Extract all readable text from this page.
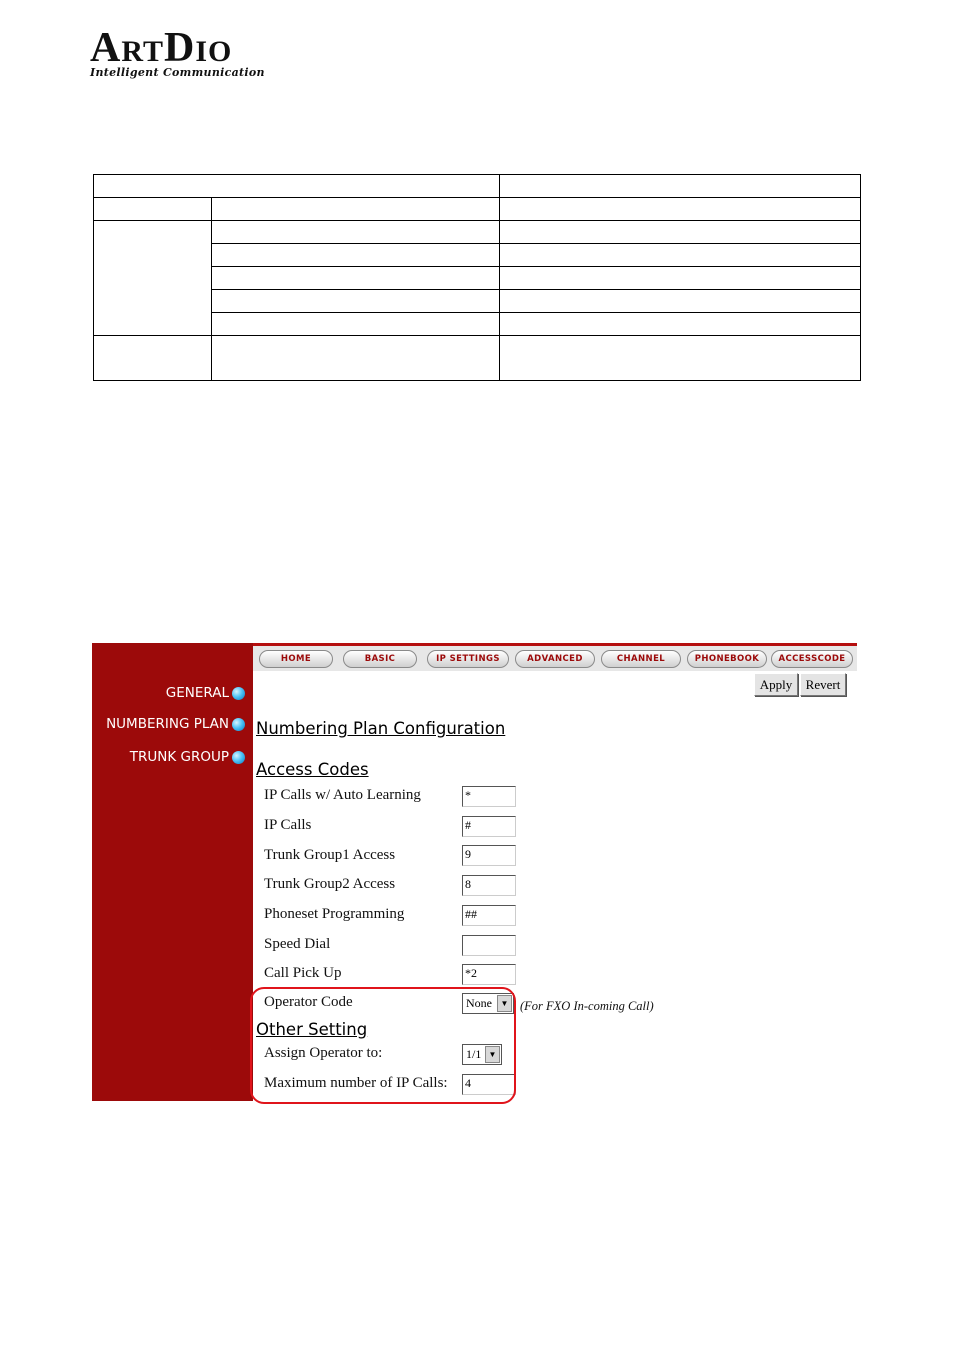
ARTDIO
Intelligent Communication

GENERAL
NUMBERING PLAN
TRUNK GROUP
HOME	BASIC	IP SETTINGS	ADVANCED	CHANNEL	PHONEBOOK	ACCESSCODE
Apply	Revert
Numbering Plan Configuration
Access Codes
IP Calls w/ Auto Learning	*
IP Calls	#
Trunk Group1 Access	9
Trunk Group2 Access	8
Phoneset Programming	##
Speed Dial
Call Pick Up	*2
Operator Code	None	▼ (For FXO In-coming Call)
Other Setting
Assign Operator to:	1/1 ▼
Maximum number of IP Calls: 4
